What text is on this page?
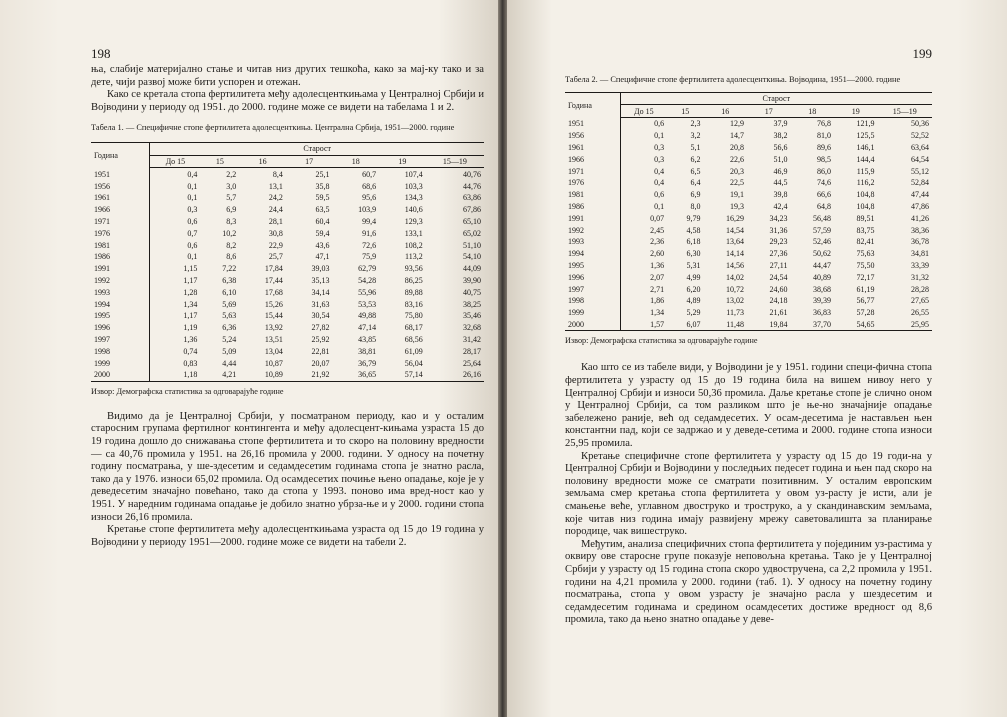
198

ња, слабије материјално стање и читав низ других тешкоћа, како за мај-ку тако и за дете, чији развој може бити успорен и отежан.

Како се кретала стопа фертилитета међу адолесценткињама у Централној Србији и Војводини у периоду од 1951. до 2000. године може се видети на табелама 1 и 2.

Табела 1. — Специфичне стопе фертилитета адолесценткиња. Централна Србија, 1951—2000. године

Година	Старост						
	До 15	15	16	17	18	19	15—19
1951	0,4	2,2	8,4	25,1	60,7	107,4	40,76
1956	0,1	3,0	13,1	35,8	68,6	103,3	44,76
1961	0,1	5,7	24,2	59,5	95,6	134,3	63,86
1966	0,3	6,9	24,4	63,5	103,9	140,6	67,86
1971	0,6	8,3	28,1	60,4	99,4	129,3	65,10
1976	0,7	10,2	30,8	59,4	91,6	133,1	65,02
1981	0,6	8,2	22,9	43,6	72,6	108,2	51,10
1986	0,1	8,6	25,7	47,1	75,9	113,2	54,10
1991	1,15	7,22	17,84	39,03	62,79	93,56	44,09
1992	1,17	6,38	17,44	35,13	54,28	86,25	39,90
1993	1,28	6,10	17,68	34,14	55,96	89,88	40,75
1994	1,34	5,69	15,26	31,63	53,53	83,16	38,25
1995	1,17	5,63	15,44	30,54	49,88	75,80	35,46
1996	1,19	6,36	13,92	27,82	47,14	68,17	32,68
1997	1,36	5,24	13,51	25,92	43,85	68,56	31,42
1998	0,74	5,09	13,04	22,81	38,81	61,09	28,17
1999	0,83	4,44	10,87	20,07	36,79	56,04	25,64
2000	1,18	4,21	10,89	21,92	36,65	57,14	26,16

Извор: Демографска статистика за одговарајуће године

Видимо да је Централној Србији, у посматраном периоду, као и у осталим старосним групама фертилног контингента и међу адолесцент-кињама узраста 15 до 19 година дошло до снижавања стопе фертилитета и то скоро на половину вредности — са 40,76 промила у 1951. на 26,16 промила у 2000. години. У односу на почетну годину посматрања, у ше-здесетим и седамдесетим годинама стопа је знатно расла, тако да у 1976. износи 65,02 промила. Од осамдесетих почиње њено опадање, које је у деведесетим значајно повећано, тако да стопа у 1993. поново има вред-ност као у 1951. У наредним годинама опадање је добило знатно убрза-ње и у 2000. години стопа износи 26,16 промила.

Кретање стопе фертилитета међу адолесценткињама узраста од 15 до 19 година у Војводини у периоду 1951—2000. године може се видети на табели 2.

199

Табела 2. — Специфичне стопе фертилитета адолесценткиња. Војводина, 1951—2000. године

Година	Старост						
	До 15	15	16	17	18	19	15—19
1951	0,6	2,3	12,9	37,9	76,8	121,9	50,36
1956	0,1	3,2	14,7	38,2	81,0	125,5	52,52
1961	0,3	5,1	20,8	56,6	89,6	146,1	63,64
1966	0,3	6,2	22,6	51,0	98,5	144,4	64,54
1971	0,4	6,5	20,3	46,9	86,0	115,9	55,12
1976	0,4	6,4	22,5	44,5	74,6	116,2	52,84
1981	0,6	6,9	19,1	39,8	66,6	104,8	47,44
1986	0,1	8,0	19,3	42,4	64,8	104,8	47,86
1991	0,07	9,79	16,29	34,23	56,48	89,51	41,26
1992	2,45	4,58	14,54	31,36	57,59	83,75	38,36
1993	2,36	6,18	13,64	29,23	52,46	82,41	36,78
1994	2,60	6,30	14,14	27,36	50,62	75,63	34,81
1995	1,36	5,31	14,56	27,11	44,47	75,50	33,39
1996	2,07	4,99	14,02	24,54	40,89	72,17	31,32
1997	2,71	6,20	10,72	24,60	38,68	61,19	28,28
1998	1,86	4,89	13,02	24,18	39,39	56,77	27,65
1999	1,34	5,29	11,73	21,61	36,83	57,28	26,55
2000	1,57	6,07	11,48	19,84	37,70	54,65	25,95

Извор: Демографска статистика за одговарајуће године

Као што се из табеле види, у Војводини је у 1951. години специ-фична стопа фертилитета у узрасту од 15 до 19 година била на вишем нивоу него у Централној Србији и износи 50,36 промила. Даље кретање стопе је слично оном у Централној Србији, са том разликом што је ње-но значајније опадање забележено раније, већ од седамдесетих. У осам-десетима је настављен њен константни пад, који се задржао и у деведе-сетима и 2000. године стопа износи 25,95 промила.

Кретање специфичне стопе фертилитета у узрасту од 15 до 19 годи-на у Централној Србији и Војводини у последњих педесет година и њен пад скоро на половину вредности може се сматрати позитивним. У осталим европским земљама смер кретања стопа фертилитета у овом уз-расту је исти, али је смањење веће, углавном двоструко и троструко, а у скандинавским земљама, које читав низ година имају развијену мрежу саветовалишта за планирање породице, чак вишеструко.

Међутим, анализа специфичних стопа фертилитета у појединим уз-растима у оквиру ове старосне групе показује неповољна кретања. Тако је у Централној Србији у узрасту од 15 година стопа скоро удвостручена, са 2,2 промила у 1951. години на 4,21 промила у 2000. години (таб. 1). У односу на почетну годину посматрања, стопа у овом узрасту је значајно расла у шездесетим и седамдесетим годинама и средином осамдесетих достиже вредност од 8,6 промила, тако да њено знатно опадање у деве-
